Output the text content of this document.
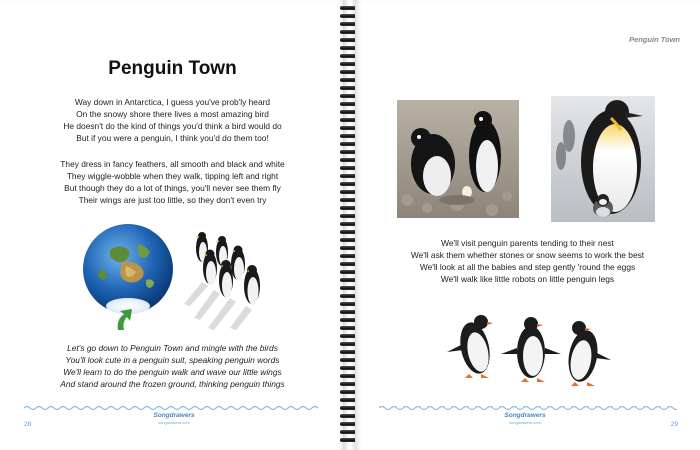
Penguin Town
Way down in Antarctica, I guess you've prob'ly heard
On the snowy shore there lives a most amazing bird
He doesn't do the kind of things you'd think a bird would do
But if you were a penguin, I think you'd do them too!
They dress in fancy feathers, all smooth and black and white
They wiggle-wobble when they walk, tipping left and right
But though they do a lot of things, you'll never see them fly
Their wings are just too little, so they don't even try
Let's go down to Penguin Town and mingle with the birds
You'll look cute in a penguin suit, speaking penguin words
We'll learn to do the penguin walk and wave our little wings
And stand around the frozen ground, thinking penguin things
28
Songdrawers
songdrawers.com
Penguin Town
We'll visit penguin parents tending to their nest
We'll ask them whether stones or snow seems to work the best
We'll look at all the babies and step gently 'round the eggs
We'll walk like little robots on little penguin legs
29
Songdrawers
songdrawers.com
